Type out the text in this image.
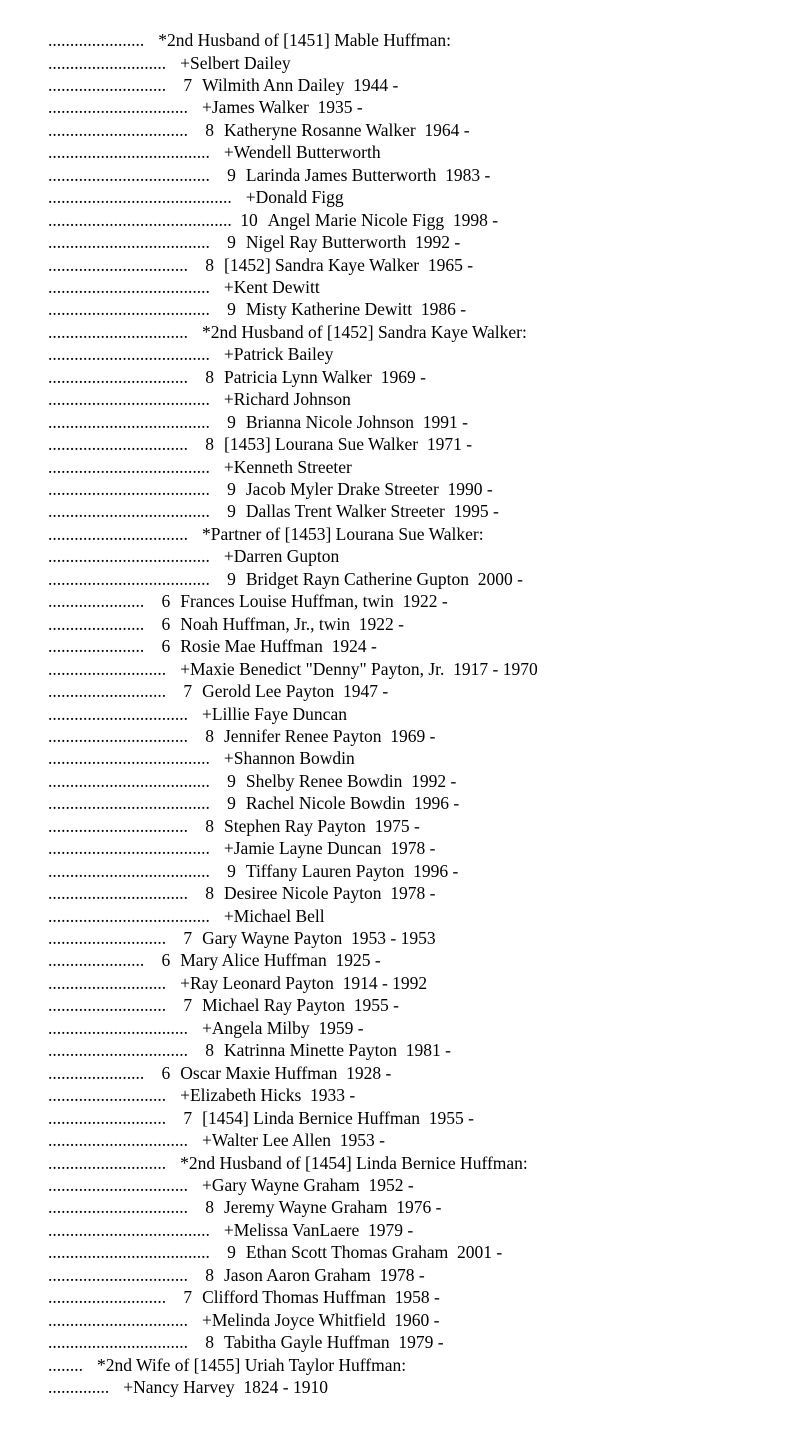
...................... *2nd Husband of [1451] Mable Huffman:
........................... +Selbert Dailey
........................... 7 Wilmith Ann Dailey  1944 -
................................ +James Walker  1935 -
................................ 8 Katheryne Rosanne Walker  1964 -
..................................... +Wendell Butterworth
..................................... 9 Larinda James Butterworth  1983 -
.......................................... +Donald Figg
.......................................... 10 Angel Marie Nicole Figg  1998 -
..................................... 9 Nigel Ray Butterworth  1992 -
................................ 8 [1452] Sandra Kaye Walker  1965 -
..................................... +Kent Dewitt
..................................... 9 Misty Katherine Dewitt  1986 -
................................ *2nd Husband of [1452] Sandra Kaye Walker:
..................................... +Patrick Bailey
................................ 8 Patricia Lynn Walker  1969 -
..................................... +Richard Johnson
..................................... 9 Brianna Nicole Johnson  1991 -
................................ 8 [1453] Lourana Sue Walker  1971 -
..................................... +Kenneth Streeter
..................................... 9 Jacob Myler Drake Streeter  1990 -
..................................... 9 Dallas Trent Walker Streeter  1995 -
................................ *Partner of [1453] Lourana Sue Walker:
..................................... +Darren Gupton
..................................... 9 Bridget Rayn Catherine Gupton  2000 -
...................... 6 Frances Louise Huffman, twin  1922 -
...................... 6 Noah Huffman, Jr., twin  1922 -
...................... 6 Rosie Mae Huffman  1924 -
........................... +Maxie Benedict "Denny" Payton, Jr.  1917 - 1970
........................... 7 Gerold Lee Payton  1947 -
................................ +Lillie Faye Duncan
................................ 8 Jennifer Renee Payton  1969 -
..................................... +Shannon Bowdin
..................................... 9 Shelby Renee Bowdin  1992 -
..................................... 9 Rachel Nicole Bowdin  1996 -
................................ 8 Stephen Ray Payton  1975 -
..................................... +Jamie Layne Duncan  1978 -
..................................... 9 Tiffany Lauren Payton  1996 -
................................ 8 Desiree Nicole Payton  1978 -
..................................... +Michael Bell
........................... 7 Gary Wayne Payton  1953 - 1953
...................... 6 Mary Alice Huffman  1925 -
........................... +Ray Leonard Payton  1914 - 1992
........................... 7 Michael Ray Payton  1955 -
................................ +Angela Milby  1959 -
................................ 8 Katrinna Minette Payton  1981 -
...................... 6 Oscar Maxie Huffman  1928 -
........................... +Elizabeth Hicks  1933 -
........................... 7 [1454] Linda Bernice Huffman  1955 -
................................ +Walter Lee Allen  1953 -
........................... *2nd Husband of [1454] Linda Bernice Huffman:
................................ +Gary Wayne Graham  1952 -
................................ 8 Jeremy Wayne Graham  1976 -
..................................... +Melissa VanLaere  1979 -
..................................... 9 Ethan Scott Thomas Graham  2001 -
................................ 8 Jason Aaron Graham  1978 -
........................... 7 Clifford Thomas Huffman  1958 -
................................ +Melinda Joyce Whitfield  1960 -
................................ 8 Tabitha Gayle Huffman  1979 -
........ *2nd Wife of [1455] Uriah Taylor Huffman:
.............. +Nancy Harvey  1824 - 1910
